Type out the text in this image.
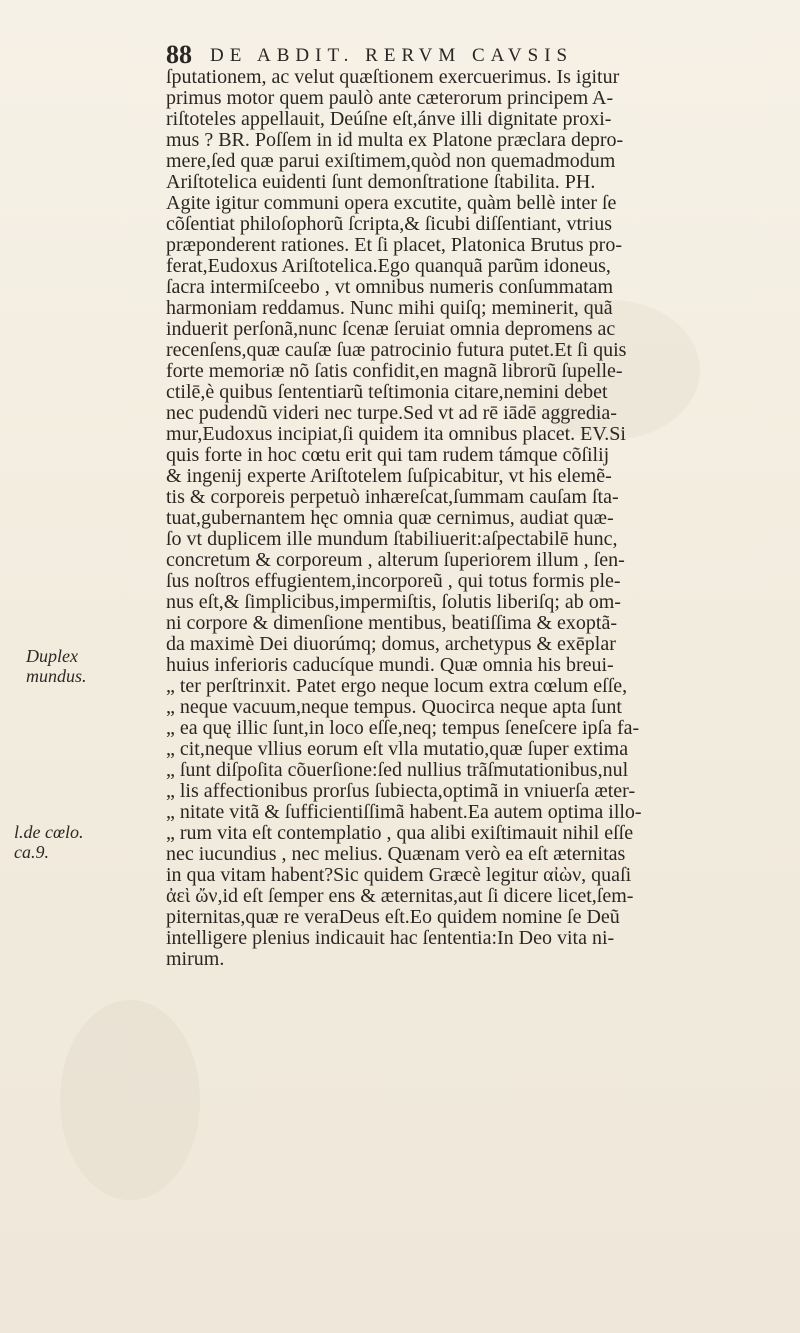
88 DE ABDIT. RERVM CAVSIS
Duplex
mundus.
l.de cœlo.
ca.9.
ſputationem, ac velut quæſtionem exercuerimus. Is igitur
primus motor quem paulò ante cæterorum principem A-
riſtoteles appellauit, Deúſne eſt,ánve illi dignitate proxi-
mus ? BR. Poſſem in id multa ex Platone præclara depro-
mere,ſed quæ parui exiſtimem,quòd non quemadmodum
Ariſtotelica euidenti ſunt demonſtratione ſtabilita. PH.
Agite igitur communi opera excutite, quàm bellè inter ſe
cõſentiat philoſophorũ ſcripta,& ſicubi diſſentiant, vtrius
præponderent rationes. Et ſi placet, Platonica Brutus pro-
ferat,Eudoxus Ariſtotelica.Ego quanquã parũm idoneus,
ſacra intermiſceebo , vt omnibus numeris conſummatam
harmoniam reddamus. Nunc mihi quiſq; meminerit, quã
induerit perſonã,nunc ſcenæ ſeruiat omnia depromens ac
recenſens,quæ cauſæ ſuæ patrocinio futura putet.Et ſi quis
forte memoriæ nõ ſatis confidit,en magnã librorũ ſupelle-
ctilē,è quibus ſententiarũ teſtimonia citare,nemini debet
nec pudendũ videri nec turpe.Sed vt ad rē iādē aggredia-
mur,Eudoxus incipiat,ſi quidem ita omnibus placet. EV.Si
quis forte in hoc cœtu erit qui tam rudem támque cõſilij
& ingenij experte Ariſtotelem ſuſpicabitur, vt his elemẽ-
tis & corporeis perpetuò inhæreſcat,ſummam cauſam ſta-
tuat,gubernantem hęc omnia quæ cernimus, audiat quæ-
ſo vt duplicem ille mundum ſtabiliuerit:aſpectabilē hunc,
concretum & corporeum , alterum ſuperiorem illum , ſen-
ſus noſtros effugientem,incorporeũ , qui totus formis ple-
nus eſt,& ſimplicibus,impermiſtis, ſolutis liberiſq; ab om-
ni corpore & dimenſione mentibus, beatiſſima & exoptã-
da maximè Dei diuorúmq; domus, archetypus & exēplar
huius inferioris caducíque mundi. Quæ omnia his breui-
„ ter perſtrinxit. Patet ergo neque locum extra cœlum eſſe,
„ neque vacuum,neque tempus. Quocirca neque apta ſunt
„ ea quę illic ſunt,in loco eſſe,neq; tempus ſeneſcere ipſa fa-
„ cit,neque vllius eorum eſt vlla mutatio,quæ ſuper extima
„ ſunt diſpoſita cõuerſione:ſed nullius trãſmutationibus,nul
„ lis affectionibus prorſus ſubiecta,optimã in vniuerſa æter-
„ nitate vitã & ſufficientiſſimã habent.Ea autem optima illo-
„ rum vita eſt contemplatio , qua alibi exiſtimauit nihil eſſe
nec iucundius , nec melius. Quænam verò ea eſt æternitas
in qua vitam habent?Sic quidem Græcè legitur αἰὼν, quaſi
ἀεὶ ὤν,id eſt ſemper ens & æternitas,aut ſi dicere licet,ſem-
piternitas,quæ re veraDeus eſt.Eo quidem nomine ſe Deũ
intelligere plenius indicauit hac ſententia:In Deo vita ni-
mirum.
